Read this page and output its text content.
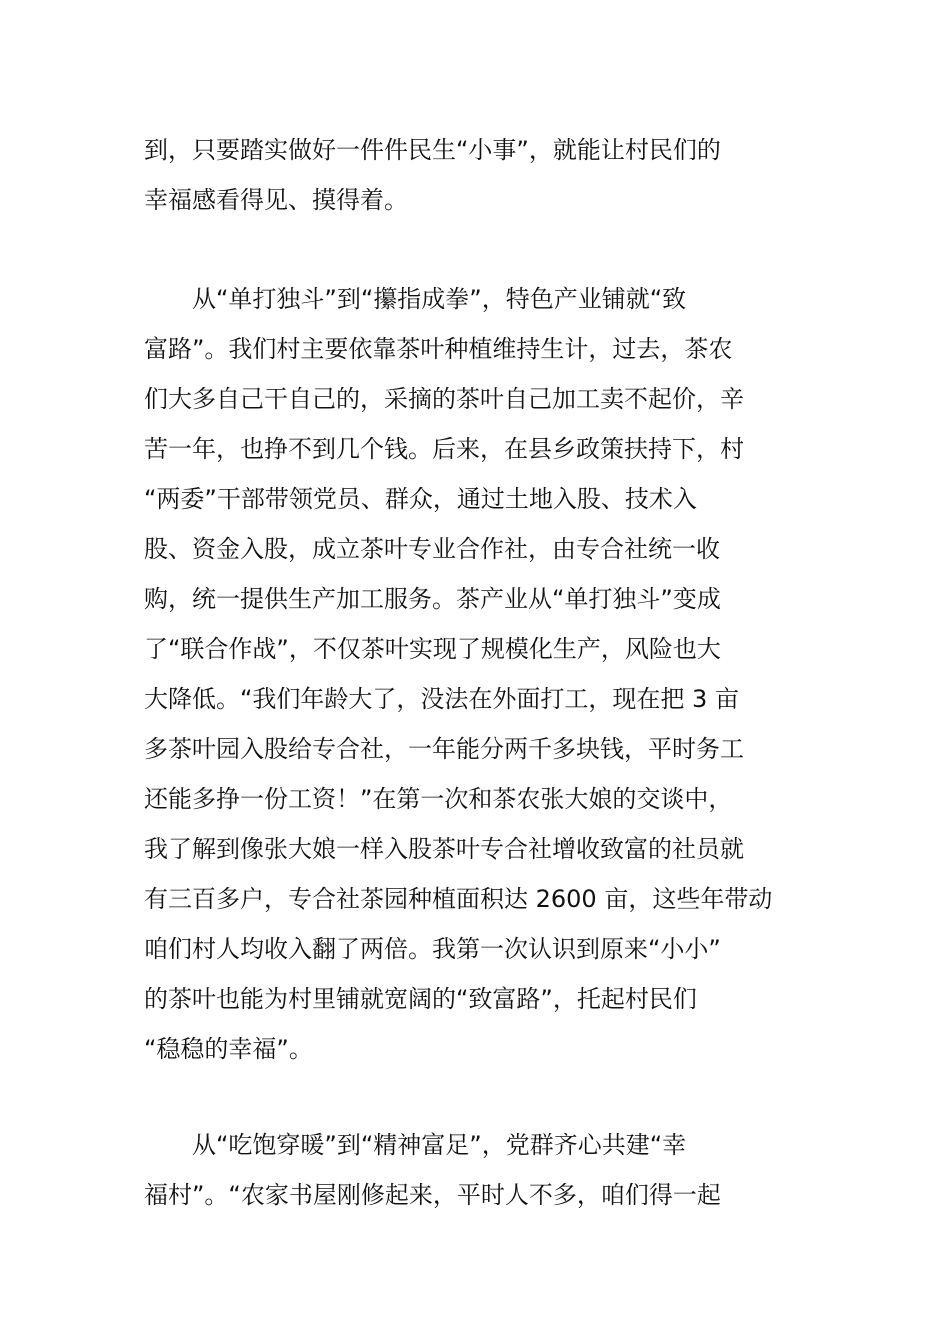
到，只要踏实做好一件件民生“小事”，就能让村民们的
幸福感看得见、摸得着。
　　从“单打独斗”到“攥指成拳”，特色产业铺就“致
富路”。我们村主要依靠茶叶种植维持生计，过去，茶农
们大多自己干自己的，采摘的茶叶自己加工卖不起价，辛
苦一年，也挣不到几个钱。后来，在县乡政策扶持下，村
“两委”干部带领党员、群众，通过土地入股、技术入
股、资金入股，成立茶叶专业合作社，由专合社统一收
购，统一提供生产加工服务。茶产业从“单打独斗”变成
了“联合作战”，不仅茶叶实现了规模化生产，风险也大
大降低。“我们年龄大了，没法在外面打工，现在把 3 亩
多茶叶园入股给专合社，一年能分两千多块钱，平时务工
还能多挣一份工资！”在第一次和茶农张大娘的交谈中，
我了解到像张大娘一样入股茶叶专合社增收致富的社员就
有三百多户，专合社茶园种植面积达 2600 亩，这些年带动
咱们村人均收入翻了两倍。我第一次认识到原来“小小”
的茶叶也能为村里铺就宽阔的“致富路”，托起村民们
“稳稳的幸福”。
　　从“吃饱穿暖”到“精神富足”，党群齐心共建“幸
福村”。“农家书屋刚修起来，平时人不多，咱们得一起
